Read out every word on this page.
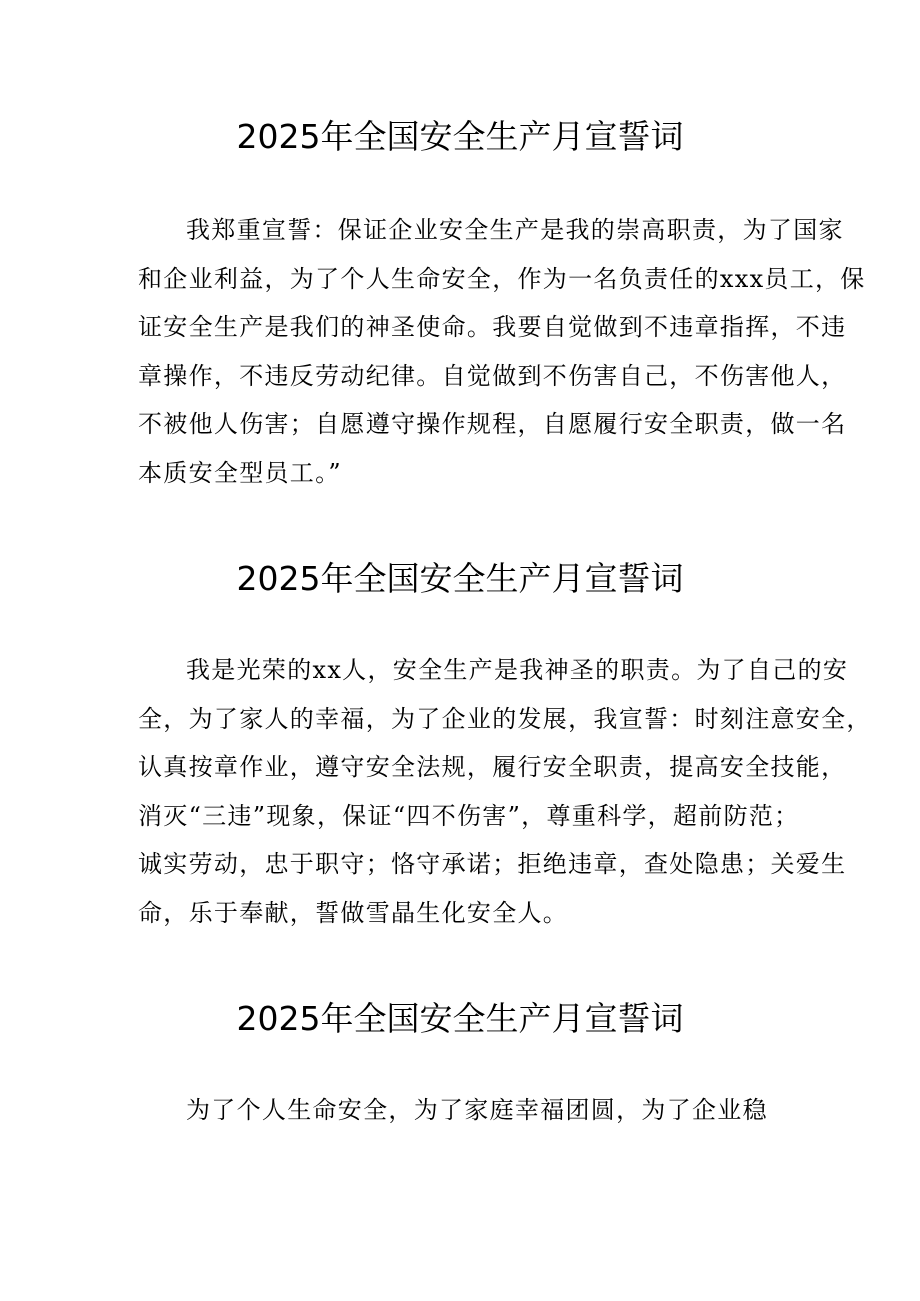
2025年全国安全生产月宣誓词
我郑重宣誓：保证企业安全生产是我的崇高职责，为了国家
和企业利益，为了个人生命安全，作为一名负责任的xxx员工，保
证安全生产是我们的神圣使命。我要自觉做到不违章指挥，不违
章操作，不违反劳动纪律。自觉做到不伤害自己，不伤害他人，
不被他人伤害；自愿遵守操作规程，自愿履行安全职责，做一名
本质安全型员工。”
2025年全国安全生产月宣誓词
我是光荣的xx人，安全生产是我神圣的职责。为了自己的安
全，为了家人的幸福，为了企业的发展，我宣誓：时刻注意安全，
认真按章作业，遵守安全法规，履行安全职责，提高安全技能，
消灭“三违”现象，保证“四不伤害”，尊重科学，超前防范；
诚实劳动，忠于职守；恪守承诺；拒绝违章，查处隐患；关爱生
命，乐于奉献，誓做雪晶生化安全人。
2025年全国安全生产月宣誓词
为了个人生命安全，为了家庭幸福团圆，为了企业稳
